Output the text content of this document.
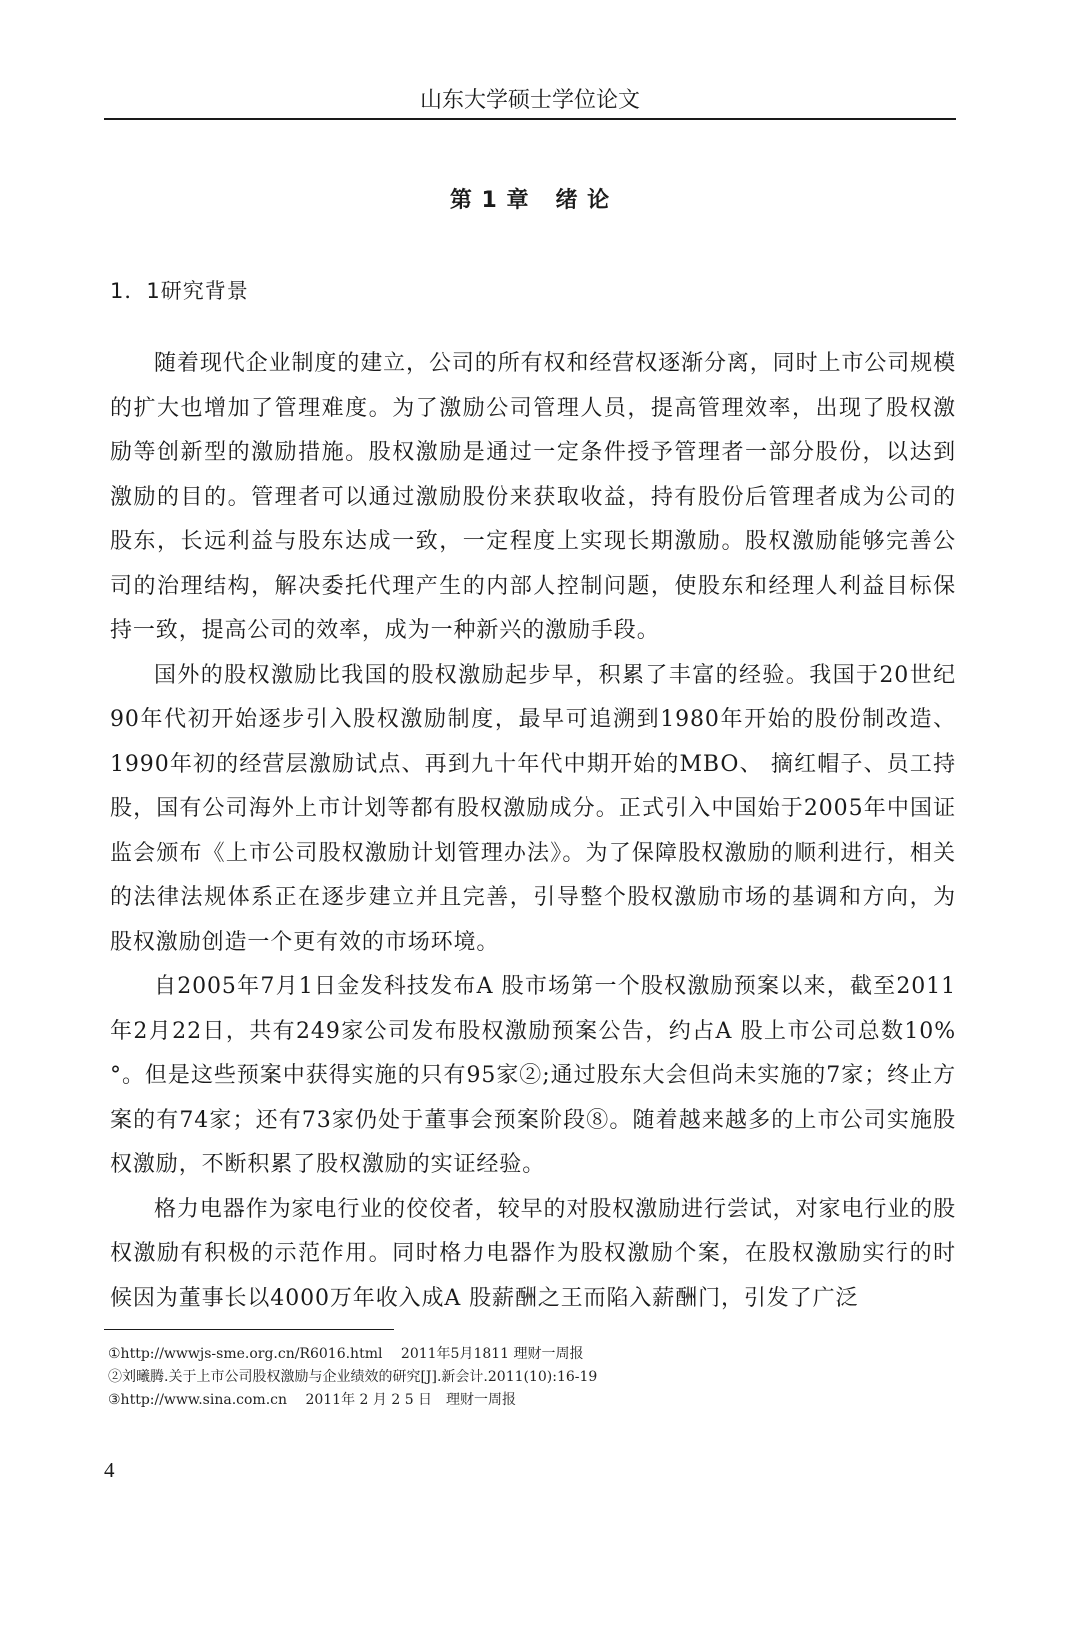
山东大学硕士学位论文
第 1 章   绪 论
1．1研究背景

随着现代企业制度的建立，公司的所有权和经营权逐渐分离，同时上市公司规模的扩大也增加了管理难度。为了激励公司管理人员，提高管理效率，出现了股权激励等创新型的激励措施。股权激励是通过一定条件授予管理者一部分股份，以达到激励的目的。管理者可以通过激励股份来获取收益，持有股份后管理者成为公司的股东，长远利益与股东达成一致，一定程度上实现长期激励。股权激励能够完善公司的治理结构，解决委托代理产生的内部人控制问题，使股东和经理人利益目标保持一致，提高公司的效率，成为一种新兴的激励手段。

国外的股权激励比我国的股权激励起步早，积累了丰富的经验。我国于20世纪90年代初开始逐步引入股权激励制度，最早可追溯到1980年开始的股份制改造、1990年初的经营层激励试点、再到九十年代中期开始的MBO、 摘红帽子、员工持股，国有公司海外上市计划等都有股权激励成分。正式引入中国始于2005年中国证监会颁布《上市公司股权激励计划管理办法》。为了保障股权激励的顺利进行，相关的法律法规体系正在逐步建立并且完善，引导整个股权激励市场的基调和方向，为股权激励创造一个更有效的市场环境。

自2005年7月1日金发科技发布A 股市场第一个股权激励预案以来，截至2011年2月22日，共有249家公司发布股权激励预案公告，约占A 股上市公司总数10%°。但是这些预案中获得实施的只有95家②;通过股东大会但尚未实施的7家；终止方案的有74家；还有73家仍处于董事会预案阶段⑧。随着越来越多的上市公司实施股权激励，不断积累了股权激励的实证经验。

格力电器作为家电行业的佼佼者，较早的对股权激励进行尝试，对家电行业的股权激励有积极的示范作用。同时格力电器作为股权激励个案，在股权激励实行的时候因为董事长以4000万年收入成A 股薪酬之王而陷入薪酬门，引发了广泛

①http://wwwjs-sme.org.cn/R6016.html　 2011年5月1811 理财一周报
②刘曦腾.关于上市公司股权激励与企业绩效的研究[J].新会计.2011(10):16-19
③http://www.sina.com.cn　 2011年 2 月 2 5 日　理财一周报
4
